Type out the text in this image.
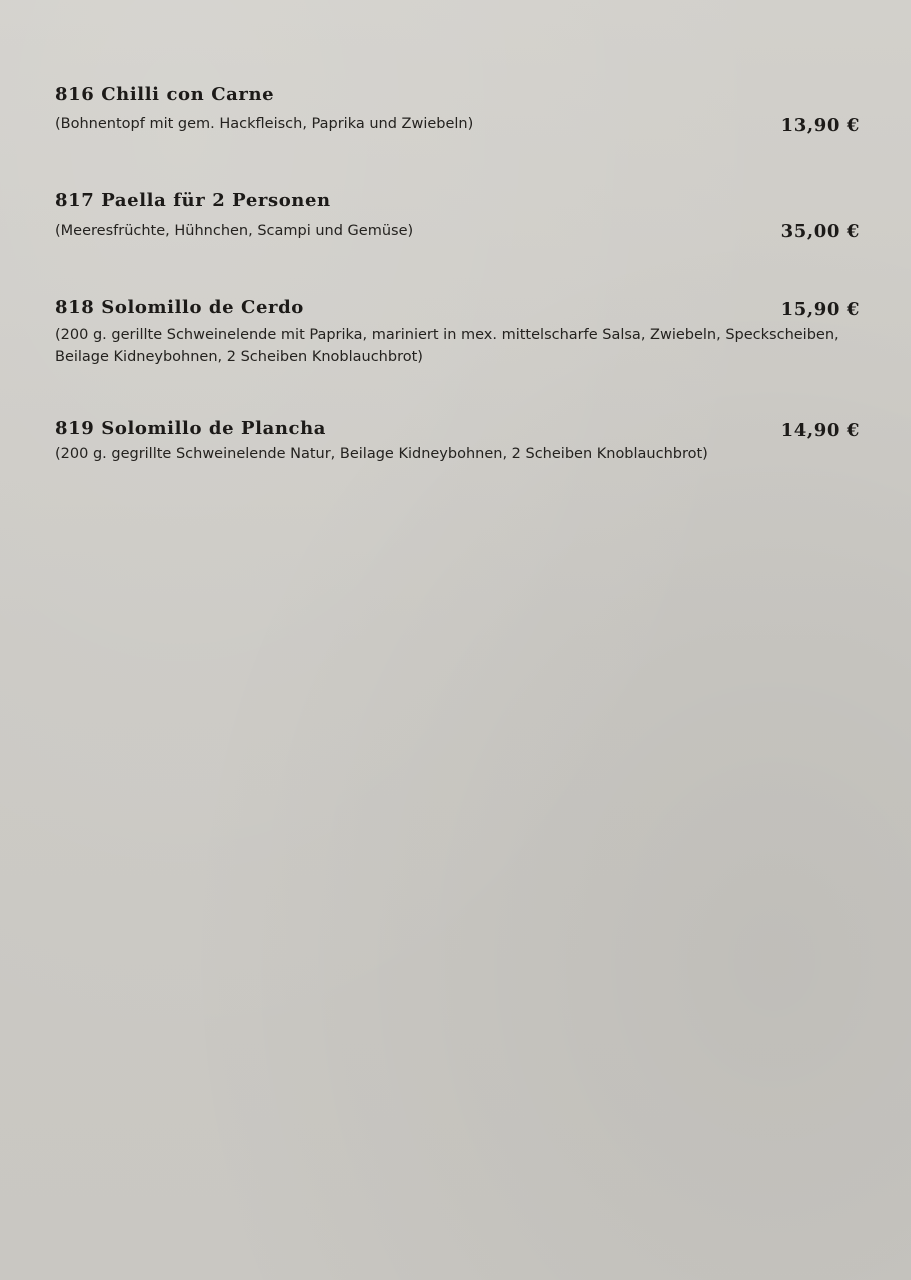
816 Chilli con Carne
(Bohnentopf mit gem. Hackfleisch, Paprika und Zwiebeln)	13,90 €
817 Paella für 2 Personen
(Meeresfrüchte, Hühnchen, Scampi und Gemüse)	35,00 €
818 Solomillo de Cerdo	15,90 €
(200 g. gerillte Schweinelende mit Paprika, mariniert in mex. mittelscharfe Salsa, Zwiebeln, Speckscheiben,
Beilage Kidneybohnen, 2 Scheiben Knoblauchbrot)
819 Solomillo de Plancha	14,90 €
(200 g. gegrillte Schweinelende Natur, Beilage Kidneybohnen, 2 Scheiben Knoblauchbrot)
